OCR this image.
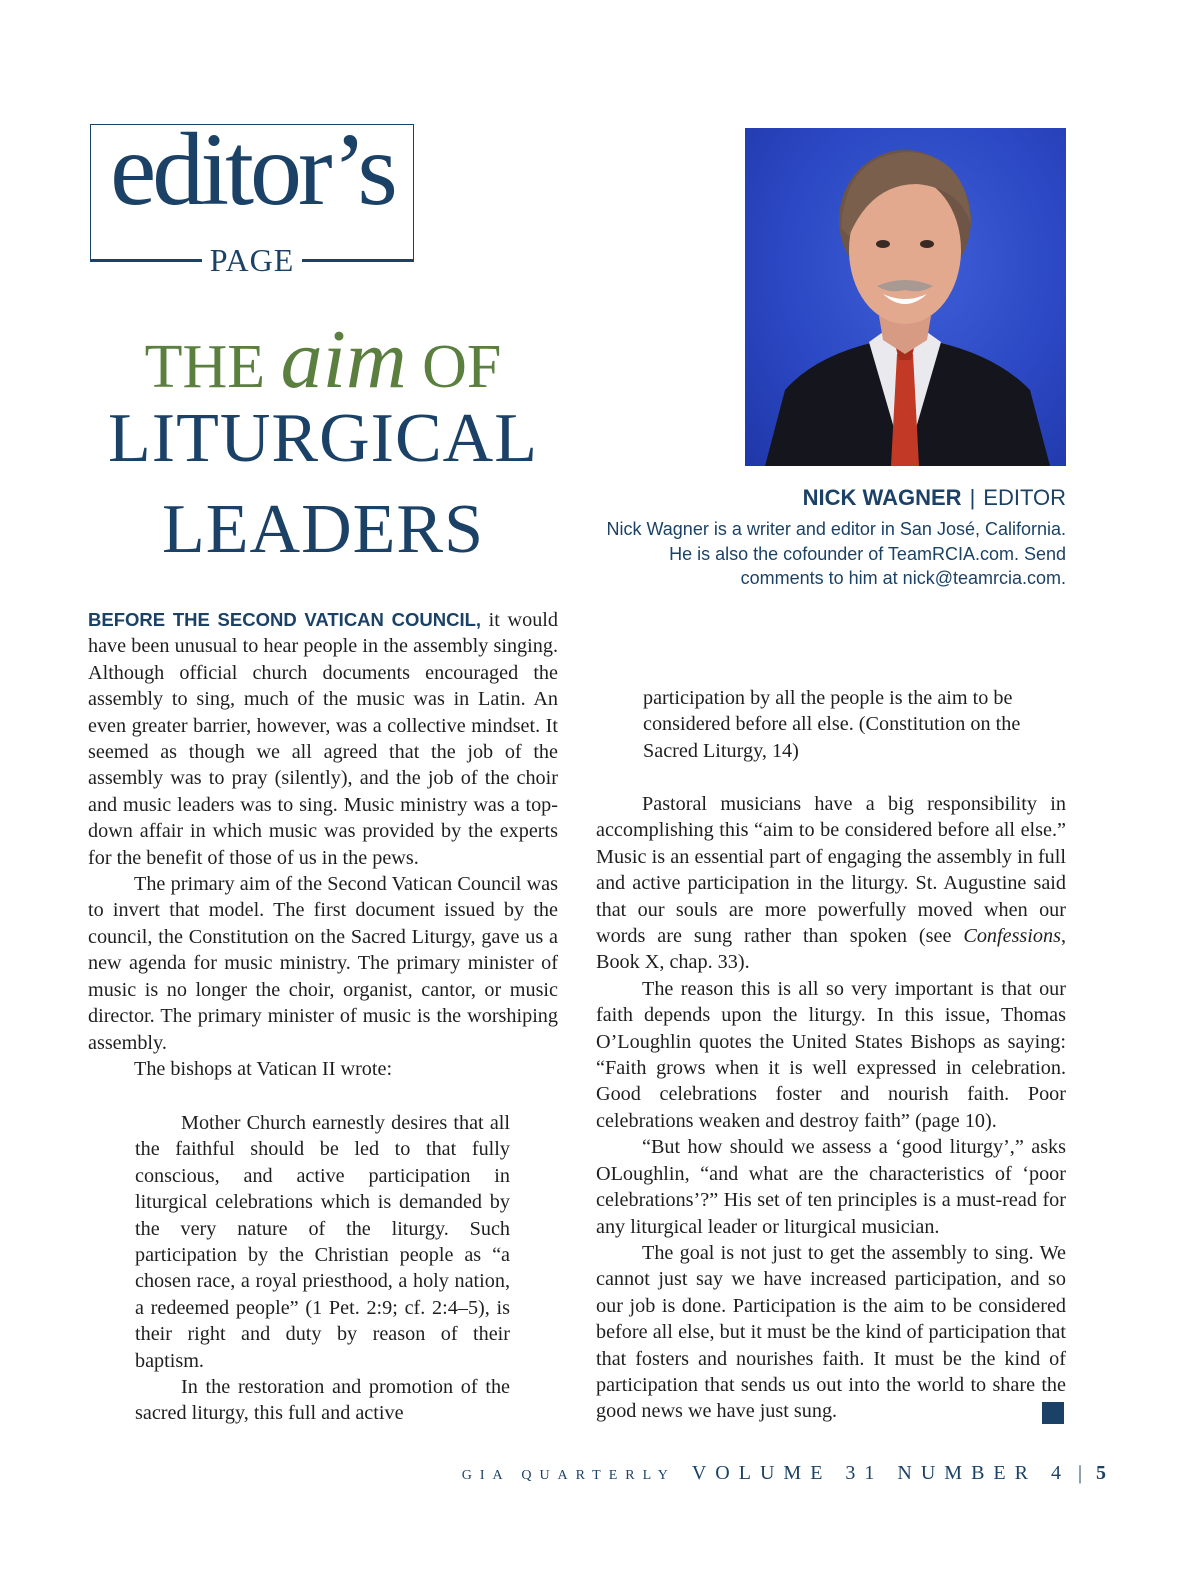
editor’s
PAGE
THE aim OF
LITURGICAL
LEADERS	NICK WAGNER | EDITOR
Nick Wagner is a writer and editor in San José, California. He is also the cofounder of TeamRCIA.com. Send comments to him at nick@teamrcia.com.

BEFORE THE SECOND VATICAN COUNCIL, it would have been unusual to hear people in the assembly singing. Although official church documents encouraged the assembly to sing, much of the music was in Latin. An even greater barrier, however, was a collective mindset. It seemed as though we all agreed that the job of the assembly was to pray (silently), and the job of the choir and music leaders was to sing. Music ministry was a top-down affair in which music was provided by the experts for the benefit of those of us in the pews.

The primary aim of the Second Vatican Council was to invert that model. The first document issued by the council, the Constitution on the Sacred Liturgy, gave us a new agenda for music ministry. The primary minister of music is no longer the choir, organist, cantor, or music director. The primary minister of music is the worshiping assembly.

The bishops at Vatican II wrote:

Mother Church earnestly desires that all the faithful should be led to that fully conscious, and active participation in liturgical celebrations which is demanded by the very nature of the liturgy. Such participation by the Christian people as “a chosen race, a royal priesthood, a holy nation, a redeemed people” (1 Pet. 2:9; cf. 2:4–5), is their right and duty by reason of their baptism.

In the restoration and promotion of the sacred liturgy, this full and active

participation by all the people is the aim to be considered before all else. (Constitution on the Sacred Liturgy, 14)

Pastoral musicians have a big responsibility in accomplishing this “aim to be considered before all else.” Music is an essential part of engaging the assembly in full and active participation in the liturgy. St. Augustine said that our souls are more powerfully moved when our words are sung rather than spoken (see Confessions, Book X, chap. 33).

The reason this is all so very important is that our faith depends upon the liturgy. In this issue, Thomas O’Loughlin quotes the United States Bishops as saying: “Faith grows when it is well expressed in celebration. Good celebrations foster and nourish faith. Poor celebrations weaken and destroy faith” (page 10).

“But how should we assess a ‘good liturgy’,” asks OLoughlin, “and what are the characteristics of ‘poor celebrations’?” His set of ten principles is a must-read for any liturgical leader or liturgical musician.

The goal is not just to get the assembly to sing. We cannot just say we have increased participation, and so our job is done. Participation is the aim to be considered before all else, but it must be the kind of participation that that fosters and nourishes faith. It must be the kind of participation that sends us out into the world to share the good news we have just sung.

GIA QUARTERLY VOLUME 31 NUMBER 4 | 5
